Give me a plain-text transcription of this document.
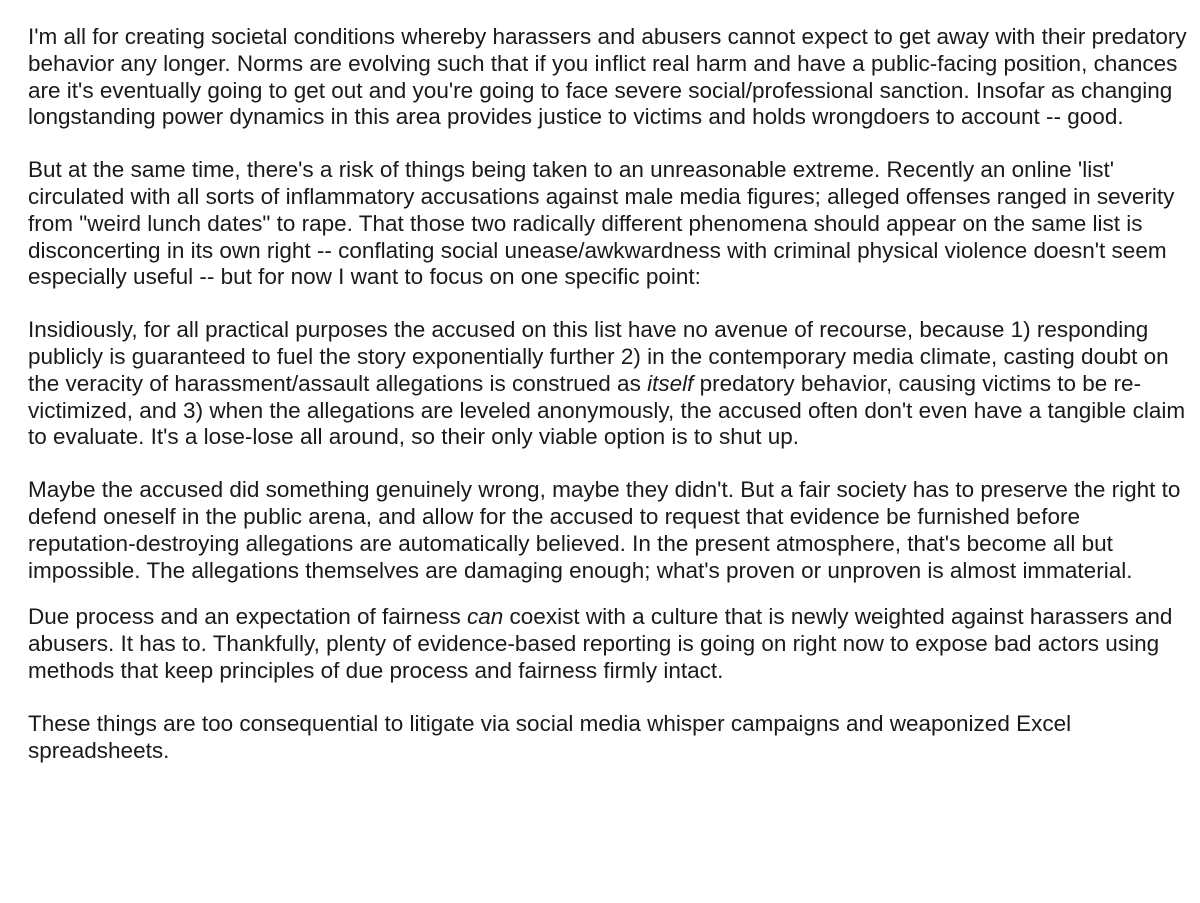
I'm all for creating societal conditions whereby harassers and abusers cannot expect to get away with their predatory behavior any longer. Norms are evolving such that if you inflict real harm and have a public-facing position, chances are it's eventually going to get out and you're going to face severe social/professional sanction. Insofar as changing longstanding power dynamics in this area provides justice to victims and holds wrongdoers to account -- good.

But at the same time, there's a risk of things being taken to an unreasonable extreme. Recently an online 'list' circulated with all sorts of inflammatory accusations against male media figures; alleged offenses ranged in severity from "weird lunch dates" to rape. That those two radically different phenomena should appear on the same list is disconcerting in its own right -- conflating social unease/awkwardness with criminal physical violence doesn't seem especially useful -- but for now I want to focus on one specific point:

Insidiously, for all practical purposes the accused on this list have no avenue of recourse, because 1) responding publicly is guaranteed to fuel the story exponentially further 2) in the contemporary media climate, casting doubt on the veracity of harassment/assault allegations is construed as itself predatory behavior, causing victims to be re-victimized, and 3) when the allegations are leveled anonymously, the accused often don't even have a tangible claim to evaluate. It's a lose-lose all around, so their only viable option is to shut up.

Maybe the accused did something genuinely wrong, maybe they didn't. But a fair society has to preserve the right to defend oneself in the public arena, and allow for the accused to request that evidence be furnished before reputation-destroying allegations are automatically believed. In the present atmosphere, that's become all but impossible. The allegations themselves are damaging enough; what's proven or unproven is almost immaterial.

Due process and an expectation of fairness can coexist with a culture that is newly weighted against harassers and abusers. It has to. Thankfully, plenty of evidence-based reporting is going on right now to expose bad actors using methods that keep principles of due process and fairness firmly intact.

These things are too consequential to litigate via social media whisper campaigns and weaponized Excel spreadsheets.
